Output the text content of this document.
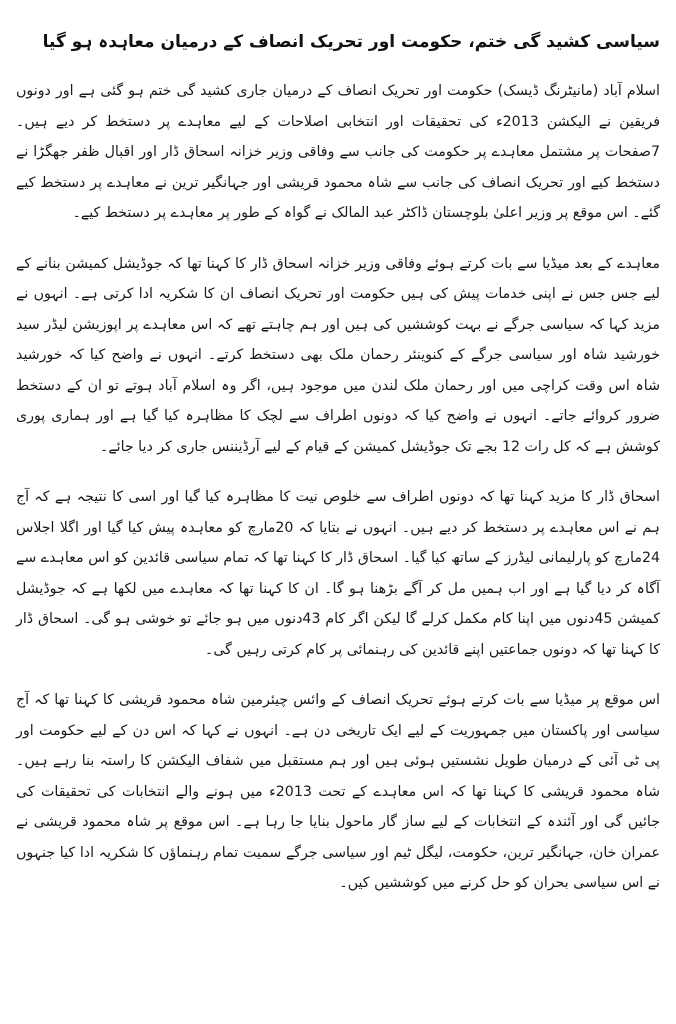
سیاسی کشید گی ختم، حکومت اور تحریک انصاف کے درمیان معاہدہ ہو گیا

اسلام آباد (مانیٹرنگ ڈیسک) حکومت اور تحریک انصاف کے درمیان جاری کشید گی ختم ہو گئی ہے اور دونوں فریقین نے الیکشن 2013ء کی تحقیقات اور انتخابی اصلاحات کے لیے معاہدے پر دستخط کر دیے ہیں۔ 7صفحات پر مشتمل معاہدے پر حکومت کی جانب سے وفاقی وزیر خزانہ اسحاق ڈار اور اقبال ظفر جھگڑا نے دستخط کیے اور تحریک انصاف کی جانب سے شاہ محمود قریشی اور جہانگیر ترین نے معاہدے پر دستخط کیے گئے۔ اس موقع پر وزیر اعلیٰ بلوچستان ڈاکٹر عبد المالک نے گواہ کے طور پر معاہدے پر دستخط کیے۔

معاہدے کے بعد میڈیا سے بات کرتے ہوئے وفاقی وزیر خزانہ اسحاق ڈار کا کہنا تھا کہ جوڈیشل کمیشن بنانے کے لیے جس جس نے اپنی خدمات پیش کی ہیں حکومت اور تحریک انصاف ان کا شکریہ ادا کرتی ہے۔ انہوں نے مزید کہا کہ سیاسی جرگے نے بہت کوششیں کی ہیں اور ہم چاہتے تھے کہ اس معاہدے پر اپوزیشن لیڈر سید خورشید شاہ اور سیاسی جرگے کے کنوینئر رحمان ملک بھی دستخط کرتے۔ انہوں نے واضح کیا کہ خورشید شاہ اس وقت کراچی میں اور رحمان ملک لندن میں موجود ہیں، اگر وہ اسلام آباد ہوتے تو ان کے دستخط ضرور کروائے جاتے۔ انہوں نے واضح کیا کہ دونوں اطراف سے لچک کا مظاہرہ کیا گیا ہے اور ہماری پوری کوشش ہے کہ کل رات 12 بجے تک جوڈیشل کمیشن کے قیام کے لیے آرڈیننس جاری کر دیا جائے۔

اسحاق ڈار کا مزید کہنا تھا کہ دونوں اطراف سے خلوص نیت کا مظاہرہ کیا گیا اور اسی کا نتیجہ ہے کہ آج ہم نے اس معاہدے پر دستخط کر دیے ہیں۔ انہوں نے بتایا کہ 20مارچ کو معاہدہ پیش کیا گیا اور اگلا اجلاس 24مارچ کو پارلیمانی لیڈرز کے ساتھ کیا گیا۔ اسحاق ڈار کا کہنا تھا کہ تمام سیاسی قائدین کو اس معاہدے سے آگاہ کر دیا گیا ہے اور اب ہمیں مل کر آگے بڑھنا ہو گا۔ ان کا کہنا تھا کہ معاہدے میں لکھا ہے کہ جوڈیشل کمیشن 45دنوں میں اپنا کام مکمل کرلے گا لیکن اگر کام 43دنوں میں ہو جائے تو خوشی ہو گی۔ اسحاق ڈار کا کہنا تھا کہ دونوں جماعتیں اپنے قائدین کی رہنمائی پر کام کرتی رہیں گی۔

اس موقع پر میڈیا سے بات کرتے ہوئے تحریک انصاف کے وائس چیئرمین شاہ محمود قریشی کا کہنا تھا کہ آج سیاسی اور پاکستان میں جمہوریت کے لیے ایک تاریخی دن ہے۔ انہوں نے کہا کہ اس دن کے لیے حکومت اور پی ٹی آئی کے درمیان طویل نشستیں ہوئی ہیں اور ہم مستقبل میں شفاف الیکشن کا راستہ بنا رہے ہیں۔ شاہ محمود قریشی کا کہنا تھا کہ اس معاہدے کے تحت 2013ء میں ہونے والے انتخابات کی تحقیقات کی جائیں گی اور آئندہ کے انتخابات کے لیے ساز گار ماحول بنایا جا رہا ہے۔ اس موقع پر شاہ محمود قریشی نے عمران خان، جہانگیر ترین، حکومت، لیگل ٹیم اور سیاسی جرگے سمیت تمام رہنماؤں کا شکریہ ادا کیا جنہوں نے اس سیاسی بحران کو حل کرنے میں کوششیں کیں۔
